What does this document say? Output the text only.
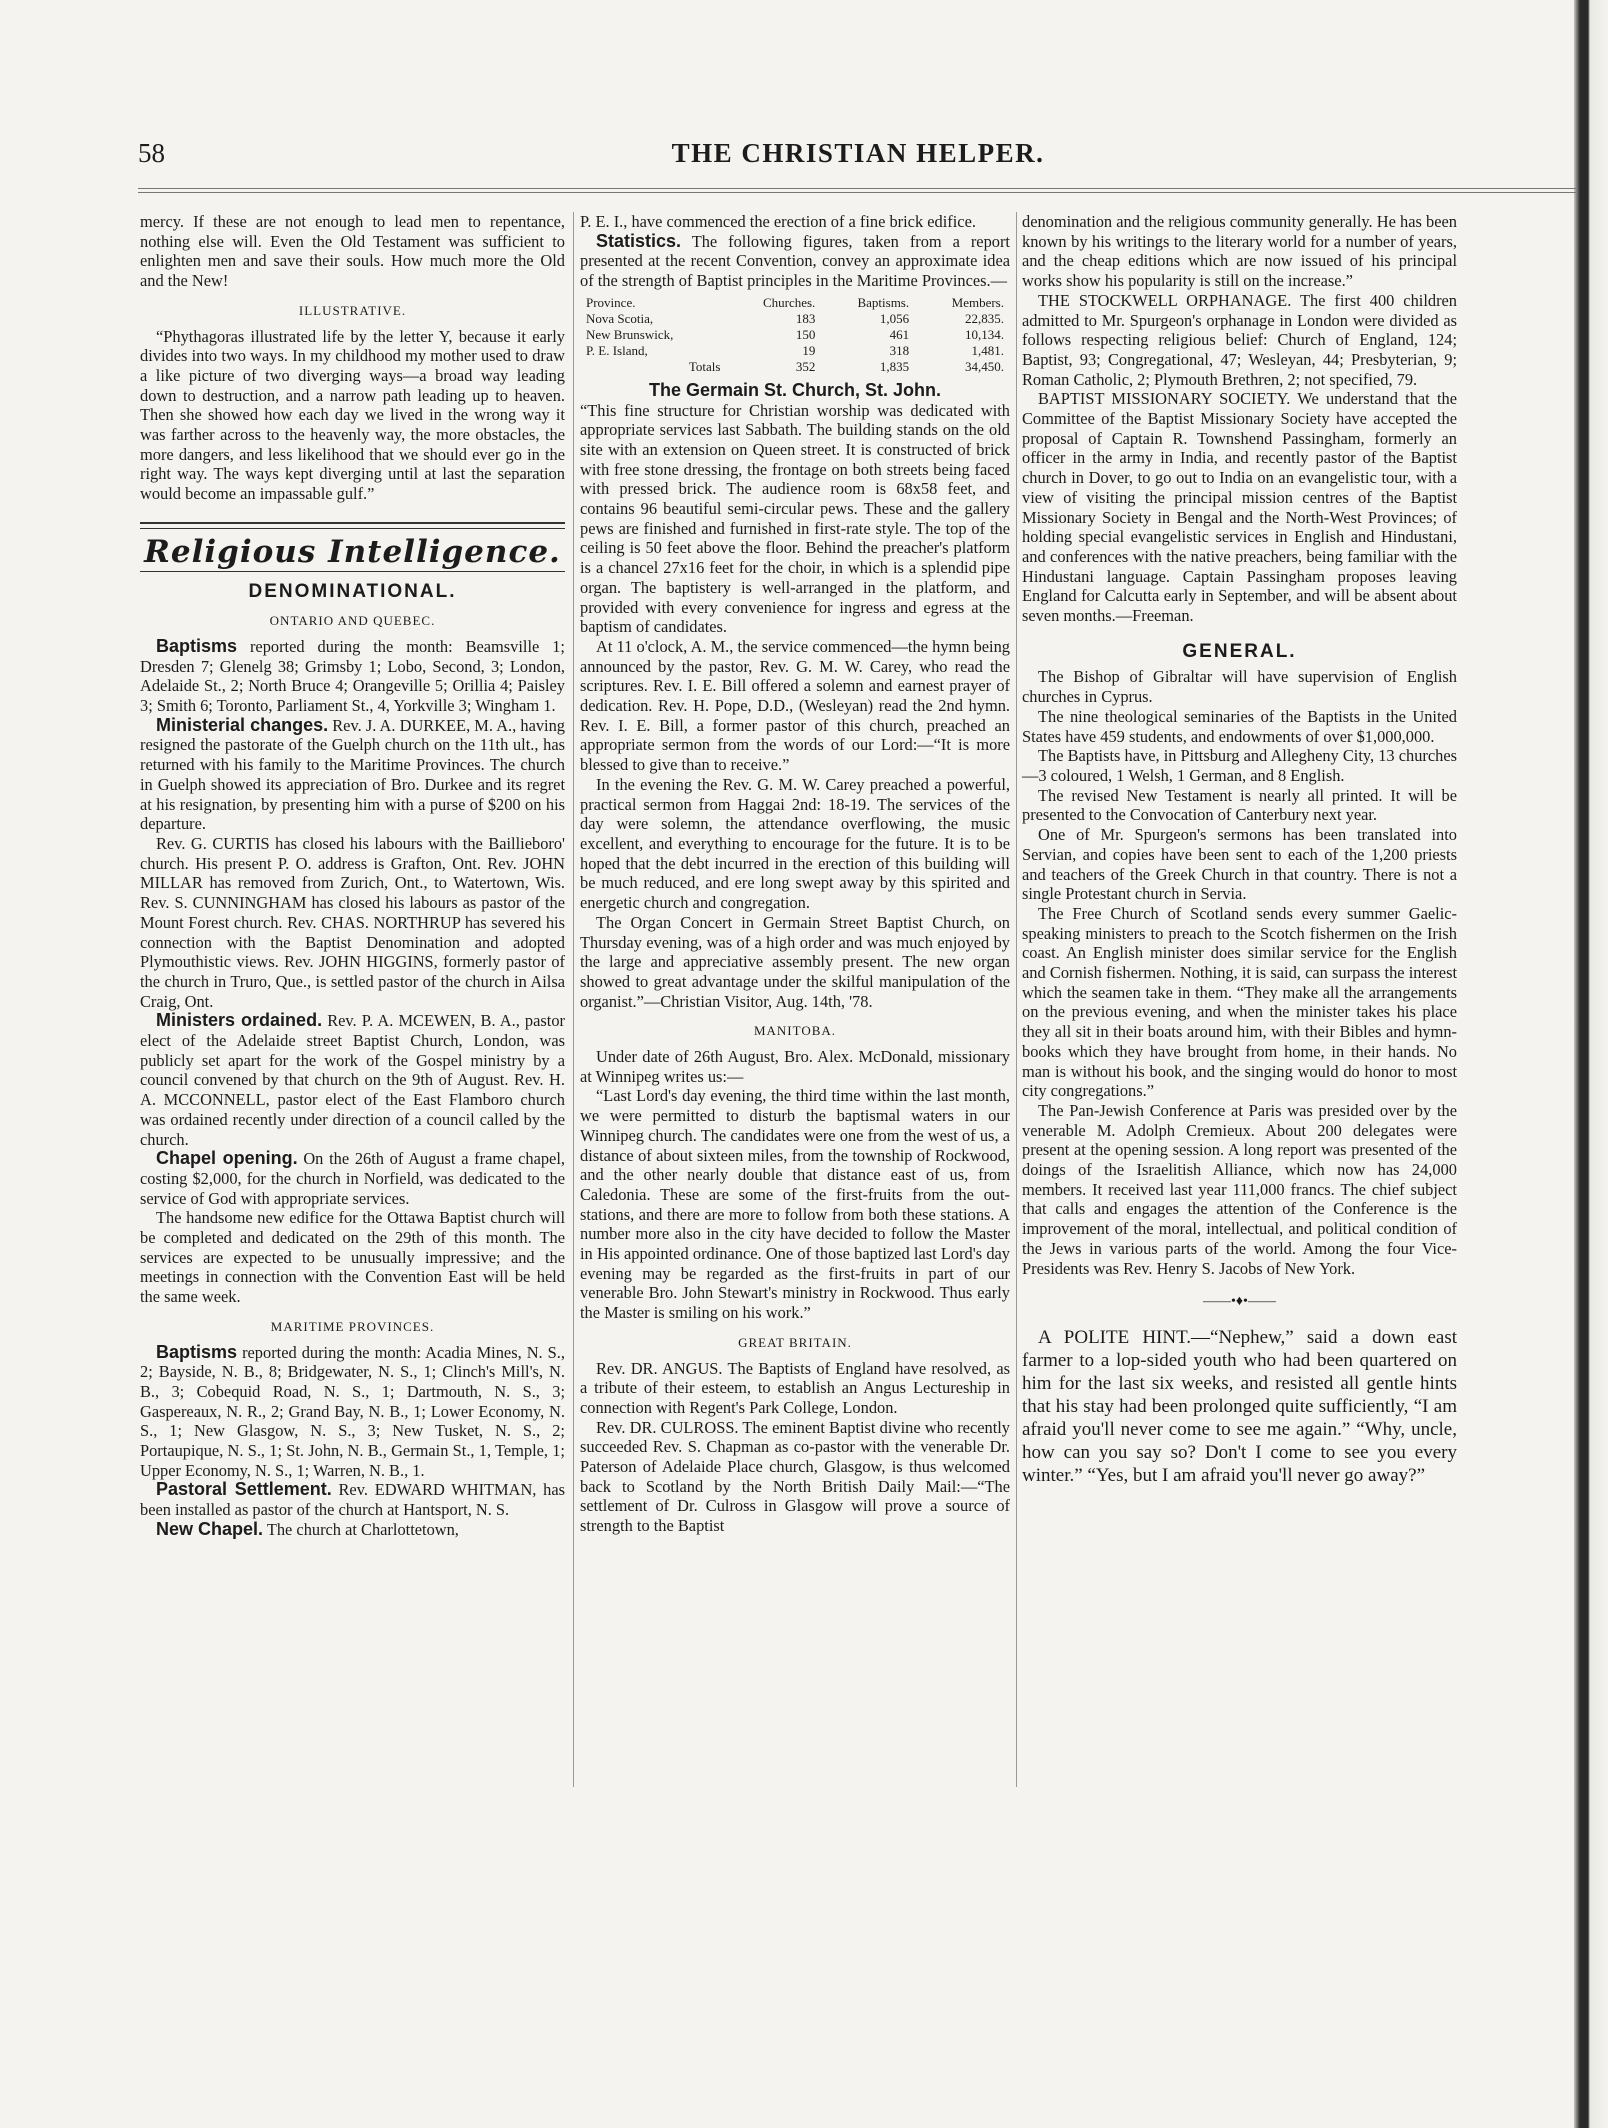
58	THE CHRISTIAN HELPER.

mercy. If these are not enough to lead men to repentance, nothing else will. Even the Old Testament was sufficient to enlighten men and save their souls. How much more the Old and the New!

ILLUSTRATIVE.

“Phythagoras illustrated life by the letter Y, because it early divides into two ways. In my childhood my mother used to draw a like picture of two diverging ways—a broad way leading down to destruction, and a narrow path leading up to heaven. Then she showed how each day we lived in the wrong way it was farther across to the heavenly way, the more obstacles, the more dangers, and less likelihood that we should ever go in the right way. The ways kept diverging until at last the separation would become an impassable gulf.”

Religious Intelligence.
DENOMINATIONAL.

ONTARIO AND QUEBEC.

Baptisms reported during the month: Beamsville 1; Dresden 7; Glenelg 38; Grimsby 1; Lobo, Second, 3; London, Adelaide St., 2; North Bruce 4; Orangeville 5; Orillia 4; Paisley 3; Smith 6; Toronto, Parliament St., 4, Yorkville 3; Wingham 1.

Ministerial changes. Rev. J. A. DURKEE, M. A., having resigned the pastorate of the Guelph church on the 11th ult., has returned with his family to the Maritime Provinces. The church in Guelph showed its appreciation of Bro. Durkee and its regret at his resignation, by presenting him with a purse of $200 on his departure.

Rev. G. CURTIS has closed his labours with the Baillieboro' church. His present P. O. address is Grafton, Ont. Rev. JOHN MILLAR has removed from Zurich, Ont., to Watertown, Wis. Rev. S. CUNNINGHAM has closed his labours as pastor of the Mount Forest church. Rev. CHAS. NORTHRUP has severed his connection with the Baptist Denomination and adopted Plymouthistic views. Rev. JOHN HIGGINS, formerly pastor of the church in Truro, Que., is settled pastor of the church in Ailsa Craig, Ont.

Ministers ordained. Rev. P. A. MCEWEN, B. A., pastor elect of the Adelaide street Baptist Church, London, was publicly set apart for the work of the Gospel ministry by a council convened by that church on the 9th of August. Rev. H. A. MCCONNELL, pastor elect of the East Flamboro church was ordained recently under direction of a council called by the church.

Chapel opening. On the 26th of August a frame chapel, costing $2,000, for the church in Norfield, was dedicated to the service of God with appropriate services.

The handsome new edifice for the Ottawa Baptist church will be completed and dedicated on the 29th of this month. The services are expected to be unusually impressive; and the meetings in connection with the Convention East will be held the same week.

MARITIME PROVINCES.

Baptisms reported during the month: Acadia Mines, N. S., 2; Bayside, N. B., 8; Bridgewater, N. S., 1; Clinch's Mill's, N. B., 3; Cobequid Road, N. S., 1; Dartmouth, N. S., 3; Gaspereaux, N. R., 2; Grand Bay, N. B., 1; Lower Economy, N. S., 1; New Glasgow, N. S., 3; New Tusket, N. S., 2; Portaupique, N. S., 1; St. John, N. B., Germain St., 1, Temple, 1; Upper Economy, N. S., 1; Warren, N. B., 1.

Pastoral Settlement. Rev. EDWARD WHITMAN, has been installed as pastor of the church at Hantsport, N. S.

New Chapel. The church at Charlottetown,

P. E. I., have commenced the erection of a fine brick edifice.

Statistics. The following figures, taken from a report presented at the recent Convention, convey an approximate idea of the strength of Baptist principles in the Maritime Provinces.—

Province.	Churches.	Baptisms.	Members.
Nova Scotia,	183	1,056	22,835.
New Brunswick,	150	461	10,134.
P. E. Island,	19	318	1,481.
Totals	352	1,835	34,450.

The Germain St. Church, St. John.

“This fine structure for Christian worship was dedicated with appropriate services last Sabbath. The building stands on the old site with an extension on Queen street. It is constructed of brick with free stone dressing, the frontage on both streets being faced with pressed brick. The audience room is 68x58 feet, and contains 96 beautiful semi-circular pews. These and the gallery pews are finished and furnished in first-rate style. The top of the ceiling is 50 feet above the floor. Behind the preacher's platform is a chancel 27x16 feet for the choir, in which is a splendid pipe organ. The baptistery is well-arranged in the platform, and provided with every convenience for ingress and egress at the baptism of candidates.

At 11 o'clock, A. M., the service commenced—the hymn being announced by the pastor, Rev. G. M. W. Carey, who read the scriptures. Rev. I. E. Bill offered a solemn and earnest prayer of dedication. Rev. H. Pope, D.D., (Wesleyan) read the 2nd hymn. Rev. I. E. Bill, a former pastor of this church, preached an appropriate sermon from the words of our Lord:—“It is more blessed to give than to receive.”

In the evening the Rev. G. M. W. Carey preached a powerful, practical sermon from Haggai 2nd: 18-19. The services of the day were solemn, the attendance overflowing, the music excellent, and everything to encourage for the future. It is to be hoped that the debt incurred in the erection of this building will be much reduced, and ere long swept away by this spirited and energetic church and congregation.

The Organ Concert in Germain Street Baptist Church, on Thursday evening, was of a high order and was much enjoyed by the large and appreciative assembly present. The new organ showed to great advantage under the skilful manipulation of the organist.”—Christian Visitor, Aug. 14th, '78.

MANITOBA.

Under date of 26th August, Bro. Alex. McDonald, missionary at Winnipeg writes us:—

“Last Lord's day evening, the third time within the last month, we were permitted to disturb the baptismal waters in our Winnipeg church. The candidates were one from the west of us, a distance of about sixteen miles, from the township of Rockwood, and the other nearly double that distance east of us, from Caledonia. These are some of the first-fruits from the out-stations, and there are more to follow from both these stations. A number more also in the city have decided to follow the Master in His appointed ordinance. One of those baptized last Lord's day evening may be regarded as the first-fruits in part of our venerable Bro. John Stewart's ministry in Rockwood. Thus early the Master is smiling on his work.”

GREAT BRITAIN.

Rev. DR. ANGUS. The Baptists of England have resolved, as a tribute of their esteem, to establish an Angus Lectureship in connection with Regent's Park College, London.

Rev. DR. CULROSS. The eminent Baptist divine who recently succeeded Rev. S. Chapman as co-pastor with the venerable Dr. Paterson of Adelaide Place church, Glasgow, is thus welcomed back to Scotland by the North British Daily Mail:—“The settlement of Dr. Culross in Glasgow will prove a source of strength to the Baptist

denomination and the religious community generally. He has been known by his writings to the literary world for a number of years, and the cheap editions which are now issued of his principal works show his popularity is still on the increase.”

THE STOCKWELL ORPHANAGE. The first 400 children admitted to Mr. Spurgeon's orphanage in London were divided as follows respecting religious belief: Church of England, 124; Baptist, 93; Congregational, 47; Wesleyan, 44; Presbyterian, 9; Roman Catholic, 2; Plymouth Brethren, 2; not specified, 79.

BAPTIST MISSIONARY SOCIETY. We understand that the Committee of the Baptist Missionary Society have accepted the proposal of Captain R. Townshend Passingham, formerly an officer in the army in India, and recently pastor of the Baptist church in Dover, to go out to India on an evangelistic tour, with a view of visiting the principal mission centres of the Baptist Missionary Society in Bengal and the North-West Provinces; of holding special evangelistic services in English and Hindustani, and conferences with the native preachers, being familiar with the Hindustani language. Captain Passingham proposes leaving England for Calcutta early in September, and will be absent about seven months.—Freeman.

GENERAL.

The Bishop of Gibraltar will have supervision of English churches in Cyprus.

The nine theological seminaries of the Baptists in the United States have 459 students, and endowments of over $1,000,000.

The Baptists have, in Pittsburg and Allegheny City, 13 churches—3 coloured, 1 Welsh, 1 German, and 8 English.

The revised New Testament is nearly all printed. It will be presented to the Convocation of Canterbury next year.

One of Mr. Spurgeon's sermons has been translated into Servian, and copies have been sent to each of the 1,200 priests and teachers of the Greek Church in that country. There is not a single Protestant church in Servia.

The Free Church of Scotland sends every summer Gaelic-speaking ministers to preach to the Scotch fishermen on the Irish coast. An English minister does similar service for the English and Cornish fishermen. Nothing, it is said, can surpass the interest which the seamen take in them. “They make all the arrangements on the previous evening, and when the minister takes his place they all sit in their boats around him, with their Bibles and hymn-books which they have brought from home, in their hands. No man is without his book, and the singing would do honor to most city congregations.”

The Pan-Jewish Conference at Paris was presided over by the venerable M. Adolph Cremieux. About 200 delegates were present at the opening session. A long report was presented of the doings of the Israelitish Alliance, which now has 24,000 members. It received last year 111,000 francs. The chief subject that calls and engages the attention of the Conference is the improvement of the moral, intellectual, and political condition of the Jews in various parts of the world. Among the four Vice-Presidents was Rev. Henry S. Jacobs of New York.

——•♦•——

A POLITE HINT.—“Nephew,” said a down east farmer to a lop-sided youth who had been quartered on him for the last six weeks, and resisted all gentle hints that his stay had been prolonged quite sufficiently, “I am afraid you'll never come to see me again.” “Why, uncle, how can you say so? Don't I come to see you every winter.” “Yes, but I am afraid you'll never go away?”
